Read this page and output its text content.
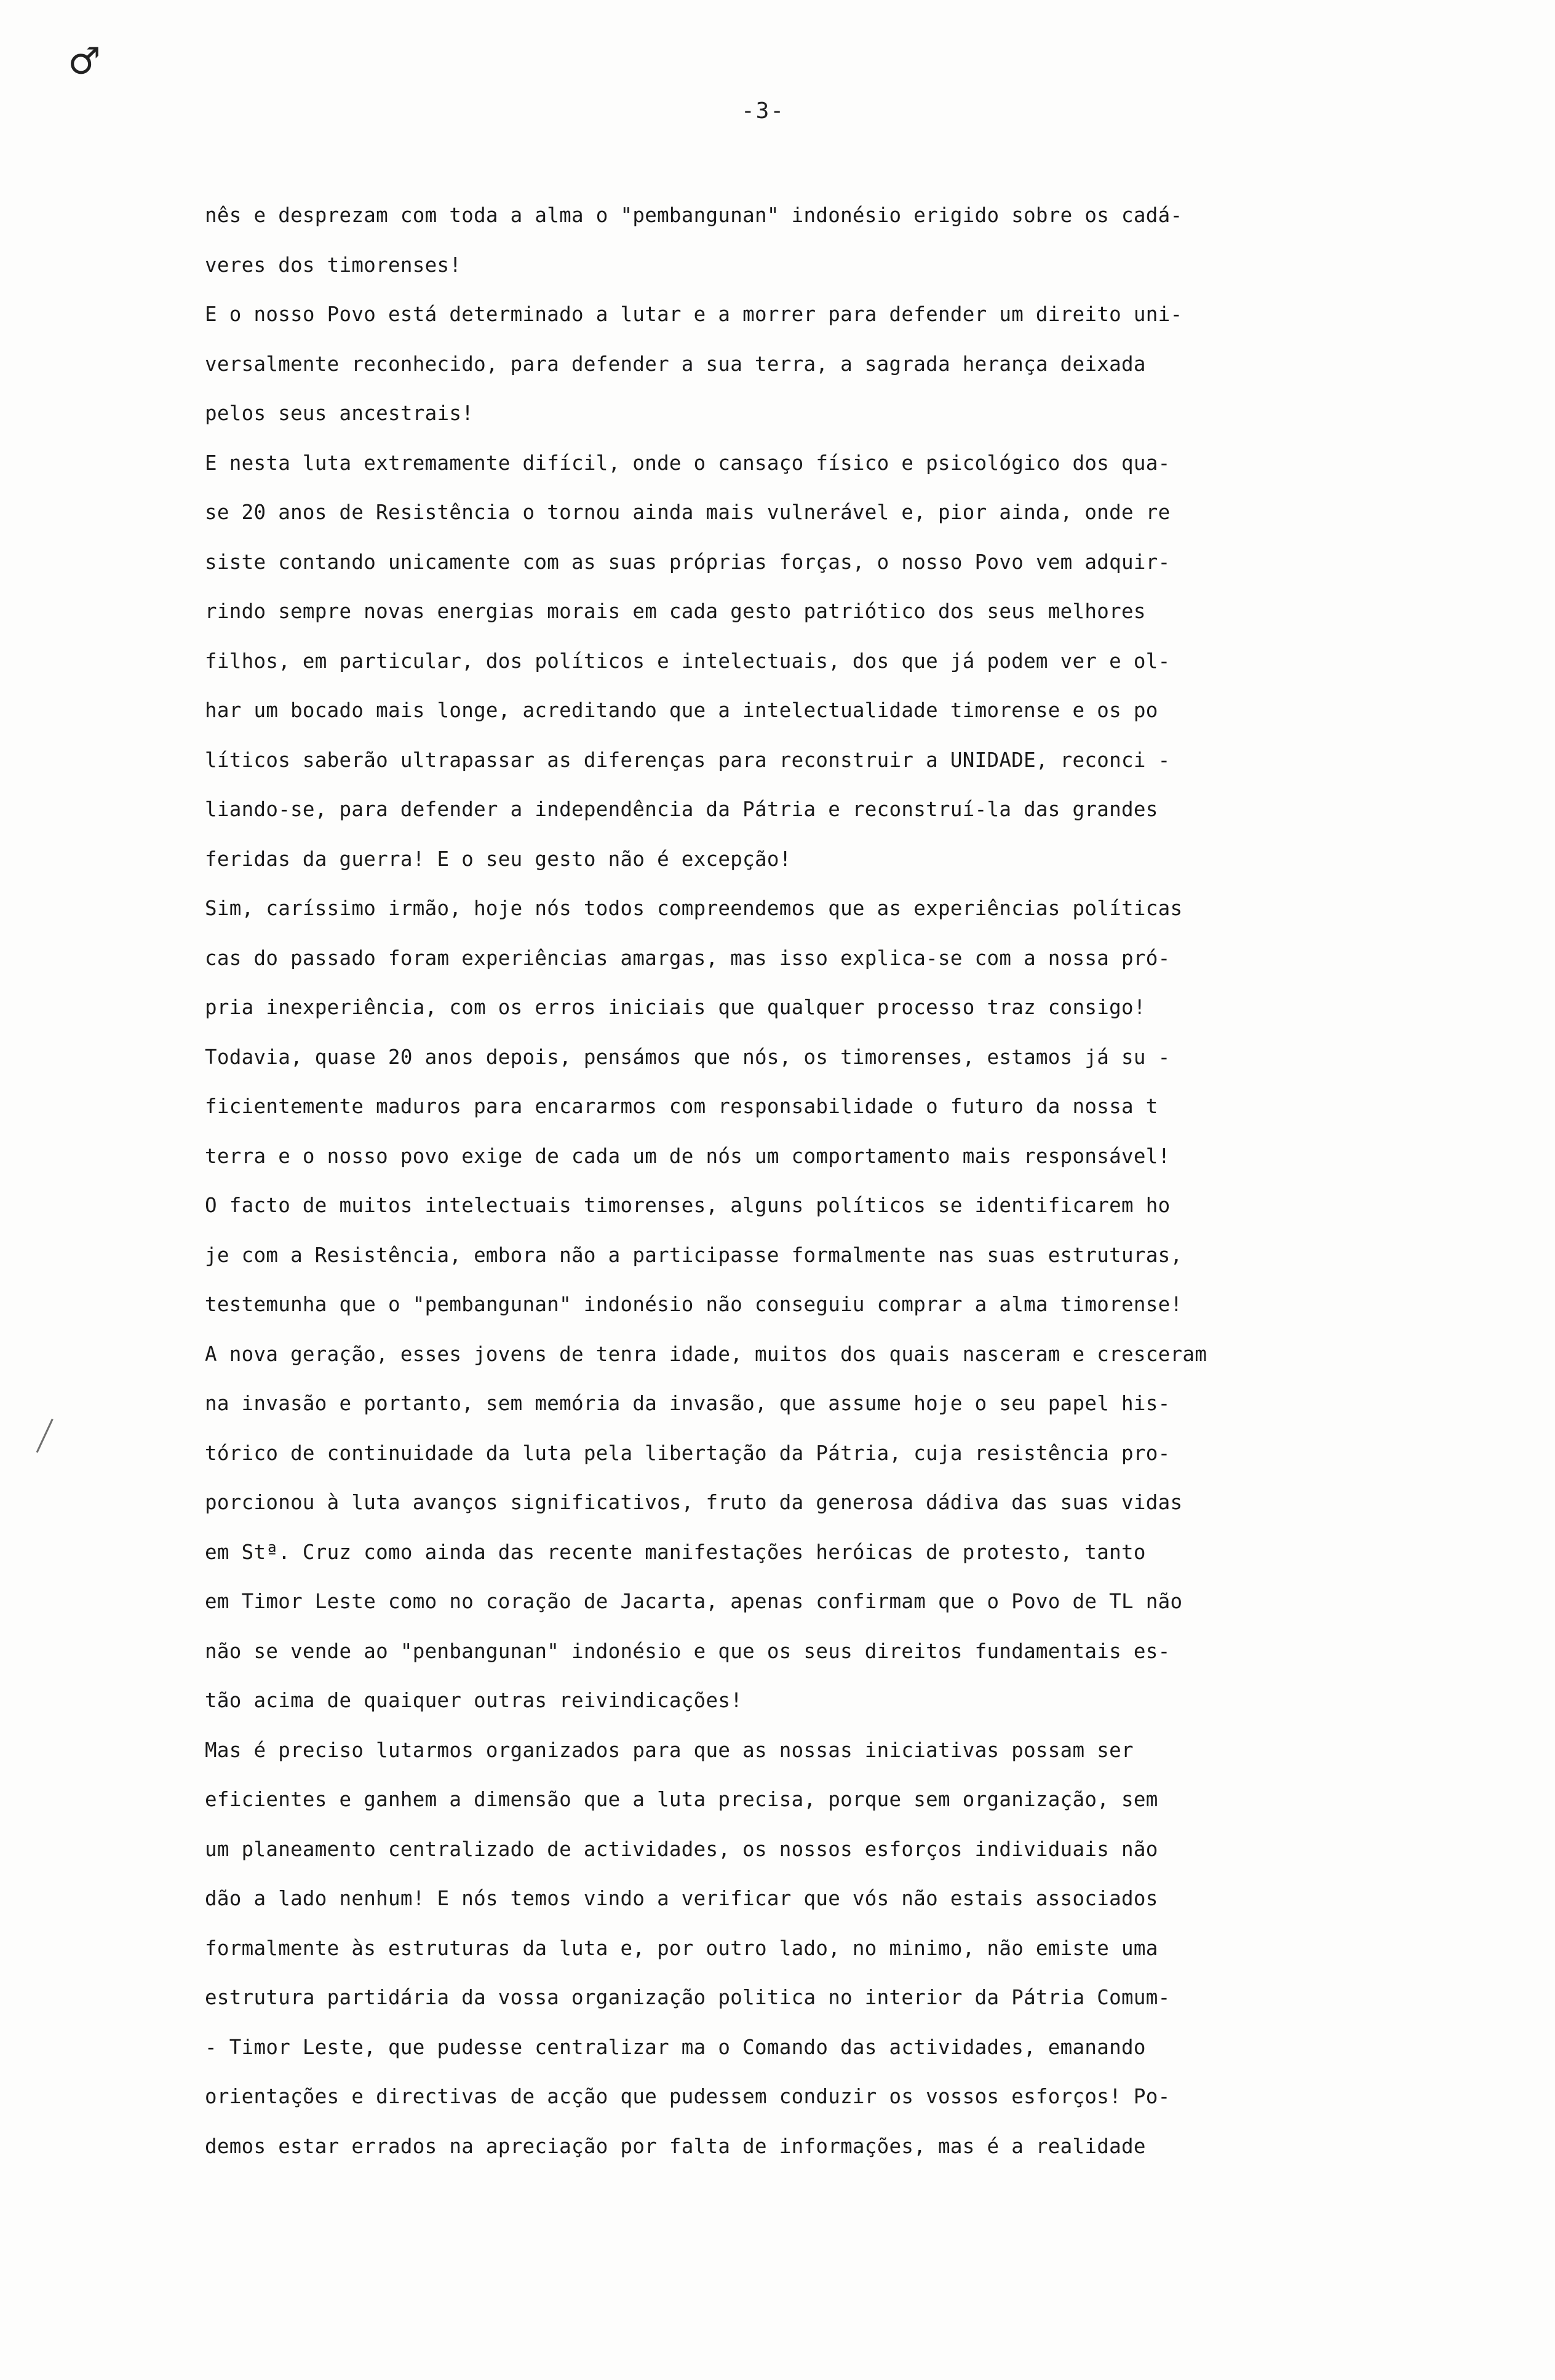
♂
-3-
nês e desprezam com toda a alma o "pembangunan" indonésio erigido sobre os cadá-
veres dos timorenses!
E o nosso Povo está determinado a lutar e a morrer para defender um direito uni-
versalmente reconhecido, para defender a sua terra, a sagrada herança deixada
pelos seus ancestrais!
E nesta luta extremamente difícil, onde o cansaço físico e psicológico dos qua-
se 20 anos de Resistência o tornou ainda mais vulnerável e, pior ainda, onde re
siste contando unicamente com as suas próprias forças, o nosso Povo vem adquir-
rindo sempre novas energias morais em cada gesto patriótico dos seus melhores
filhos, em particular, dos políticos e intelectuais, dos que já podem ver e ol-
har um bocado mais longe, acreditando que a intelectualidade timorense e os po
líticos saberão ultrapassar as diferenças para reconstruir a UNIDADE, reconci -
liando-se, para defender a independência da Pátria e reconstruí-la das grandes
feridas da guerra! E o seu gesto não é excepção!
Sim, caríssimo irmão, hoje nós todos compreendemos que as experiências políticas
cas do passado foram experiências amargas, mas isso explica-se com a nossa pró-
pria inexperiência, com os erros iniciais que qualquer processo traz consigo!
Todavia, quase 20 anos depois, pensámos que nós, os timorenses, estamos já su -
ficientemente maduros para encararmos com responsabilidade o futuro da nossa t
terra e o nosso povo exige de cada um de nós um comportamento mais responsável!
O facto de muitos intelectuais timorenses, alguns políticos se identificarem ho
je com a Resistência, embora não a participasse formalmente nas suas estruturas,
testemunha que o "pembangunan" indonésio não conseguiu comprar a alma timorense!
A nova geração, esses jovens de tenra idade, muitos dos quais nasceram e cresceram
na invasão e portanto, sem memória da invasão, que assume hoje o seu papel his-
tórico de continuidade da luta pela libertação da Pátria, cuja resistência pro-
porcionou à luta avanços significativos, fruto da generosa dádiva das suas vidas
em Stª. Cruz como ainda das recente manifestações heróicas de protesto, tanto
em Timor Leste como no coração de Jacarta, apenas confirmam que o Povo de TL não
não se vende ao "penbangunan" indonésio e que os seus direitos fundamentais es-
tão acima de quaiquer outras reivindicações!
Mas é preciso lutarmos organizados para que as nossas iniciativas possam ser
eficientes e ganhem a dimensão que a luta precisa, porque sem organização, sem
um planeamento centralizado de actividades, os nossos esforços individuais não
dão a lado nenhum! E nós temos vindo a verificar que vós não estais associados
formalmente às estruturas da luta e, por outro lado, no minimo, não emiste uma
estrutura partidária da vossa organização politica no interior da Pátria Comum-
- Timor Leste, que pudesse centralizar ma o Comando das actividades, emanando
orientações e directivas de acção que pudessem conduzir os vossos esforços! Po-
demos estar errados na apreciação por falta de informações, mas é a realidade
